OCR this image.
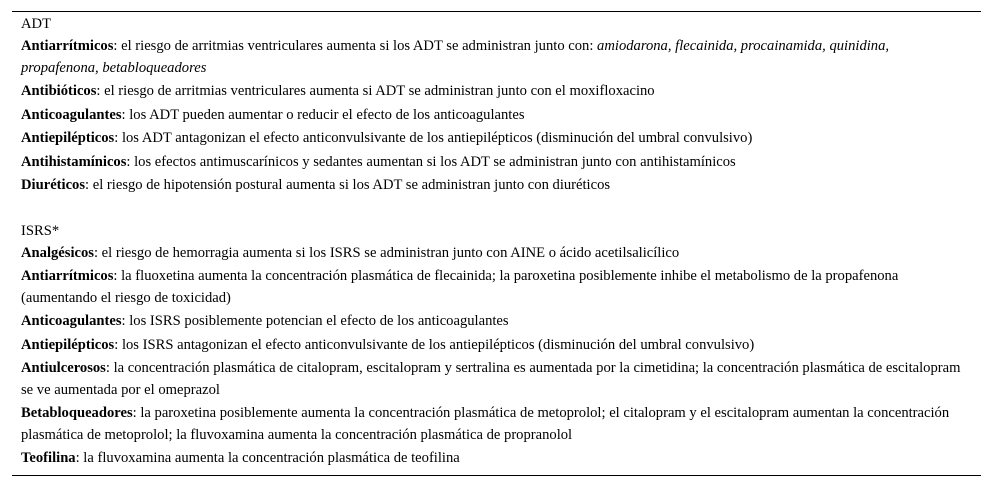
ADT
Antiarrítmicos: el riesgo de arritmias ventriculares aumenta si los ADT se administran junto con: amiodarona, flecainida, procainamida, quinidina, propafenona, betabloqueadores
Antibióticos: el riesgo de arritmias ventriculares aumenta si ADT se administran junto con el moxifloxacino
Anticoagulantes: los ADT pueden aumentar o reducir el efecto de los anticoagulantes
Antiepilépticos: los ADT antagonizan el efecto anticonvulsivante de los antiepilépticos (disminución del umbral convulsivo)
Antihistamínicos: los efectos antimuscarínicos y sedantes aumentan si los ADT se administran junto con antihistamínicos
Diuréticos: el riesgo de hipotensión postural aumenta si los ADT se administran junto con diuréticos
ISRS*
Analgésicos: el riesgo de hemorragia aumenta si los ISRS se administran junto con AINE o ácido acetilsalicílico
Antiarrítmicos: la fluoxetina aumenta la concentración plasmática de flecainida; la paroxetina posiblemente inhibe el metabolismo de la propafenona (aumentando el riesgo de toxicidad)
Anticoagulantes: los ISRS posiblemente potencian el efecto de los anticoagulantes
Antiepilépticos: los ISRS antagonizan el efecto anticonvulsivante de los antiepilépticos (disminución del umbral convulsivo)
Antiulcerosos: la concentración plasmática de citalopram, escitalopram y sertralina es aumentada por la cimetidina; la concentración plasmática de escitalopram se ve aumentada por el omeprazol
Betabloqueadores: la paroxetina posiblemente aumenta la concentración plasmática de metoprolol; el citalopram y el escitalopram aumentan la concentración plasmática de metoprolol; la fluvoxamina aumenta la concentración plasmática de propranolol
Teofilina: la fluvoxamina aumenta la concentración plasmática de teofilina
